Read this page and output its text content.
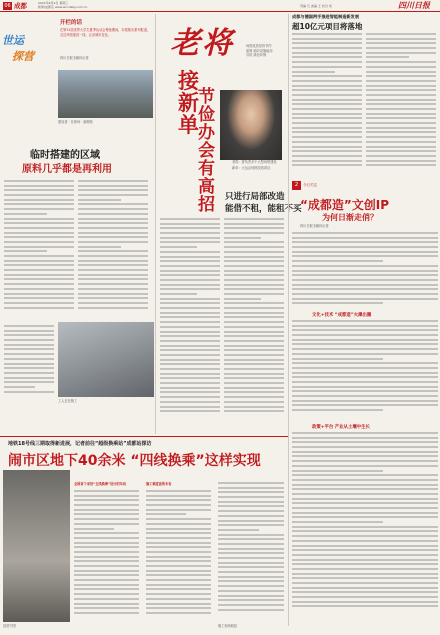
06 成都	2021年6月9日 星期三
新闻/成都区 www.wccdaily.com.cn	责编 凡 美编 王 校对 刘	四川日报
世运
探营
开栏的话
在第31届世界大学生夏季运动会筹备期间，本报推出系列报道，走近场馆建设一线，记录城市变化。
四川日报全媒体记者
建设者 · 在现场 · 新期待
临时搭建的区域
原料几乎都是再利用
工人正在施工
老将
接新单
节俭办会有高招
场馆改造坚持节约原则 临时设施能用尽用 绿色环保
老将：曾负责多个大型场馆建设
新单：大运会场馆改造项目
只进行局部改造
能借不租，能租不买
成都与德国两手推进智能制造新发展
超10亿元项目将落地
2	今日关注
“成都造”文创IP
为何日渐走俏？
四川日报全媒体记者
文化+技术 “成都造”火爆出圈
政策+平台 产业从土壤中生长
地铁18号线三期取得新进展，记者前往“超级换乘站”成都站探访
闹市区地下40余米 “四线换乘”这样实现
视觉中国
全国首个采用“五线换乘”设计的车站	施工难度前所未有
施工现场航拍
